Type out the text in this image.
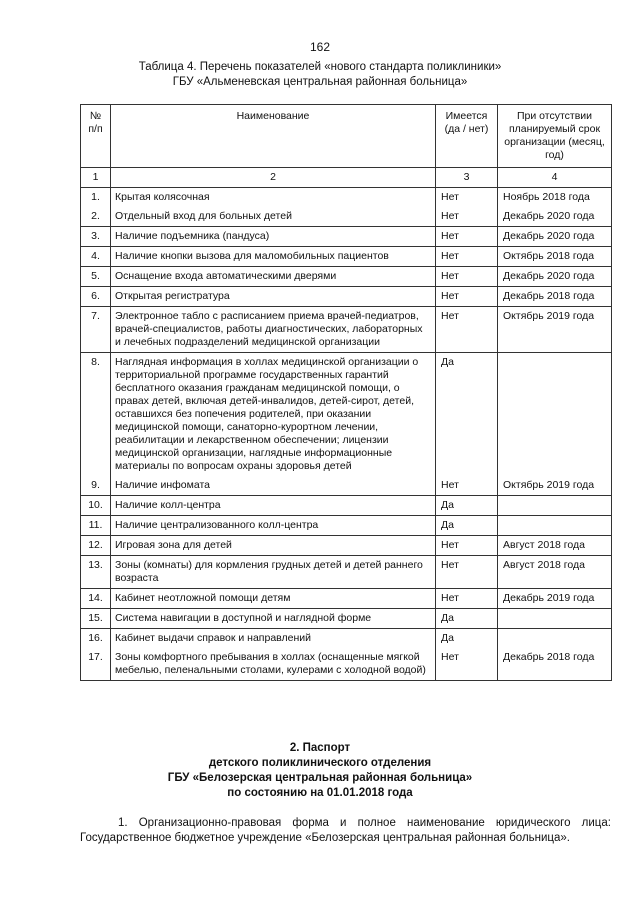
162
Таблица 4. Перечень показателей «нового стандарта поликлиники»
ГБУ «Альменевская центральная районная больница»
№ п/п	Наименование	Имеется (да / нет)	При отсутствии планируемый срок организации (месяц, год)
1	2	3	4
1.	Крытая колясочная	Нет	Ноябрь 2018 года
2.	Отдельный вход для больных детей	Нет	Декабрь 2020 года
3.	Наличие подъемника (пандуса)	Нет	Декабрь 2020 года
4.	Наличие кнопки вызова для маломобильных пациентов	Нет	Октябрь 2018 года
5.	Оснащение входа автоматическими дверями	Нет	Декабрь 2020 года
6.	Открытая регистратура	Нет	Декабрь 2018 года
7.	Электронное табло с расписанием приема врачей-педиатров, врачей-специалистов, работы диагностических, лабораторных и лечебных подразделений медицинской организации	Нет	Октябрь 2019 года
8.	Наглядная информация в холлах медицинской организации о территориальной программе государственных гарантий бесплатного оказания гражданам медицинской помощи, о правах детей, включая детей-инвалидов, детей-сирот, детей, оставшихся без попечения родителей, при оказании медицинской помощи, санаторно-курортном лечении, реабилитации и лекарственном обеспечении; лицензии медицинской организации, наглядные информационные материалы по вопросам охраны здоровья детей	Да	
9.	Наличие инфомата	Нет	Октябрь 2019 года
10.	Наличие колл-центра	Да	
11.	Наличие централизованного колл-центра	Да	
12.	Игровая зона для детей	Нет	Август 2018 года
13.	Зоны (комнаты) для кормления грудных детей и детей раннего возраста	Нет	Август 2018 года
14.	Кабинет неотложной помощи детям	Нет	Декабрь 2019 года
15.	Система навигации в доступной и наглядной форме	Да	
16.	Кабинет выдачи справок и направлений	Да	
17.	Зоны комфортного пребывания в холлах (оснащенные мягкой мебелью, пеленальными столами, кулерами с холодной водой)	Нет	Декабрь 2018 года
2. Паспорт
детского поликлинического отделения
ГБУ «Белозерская центральная районная больница»
по состоянию на 01.01.2018 года
1. Организационно-правовая форма и полное наименование юридического лица: Государственное бюджетное учреждение «Белозерская центральная районная больница».
